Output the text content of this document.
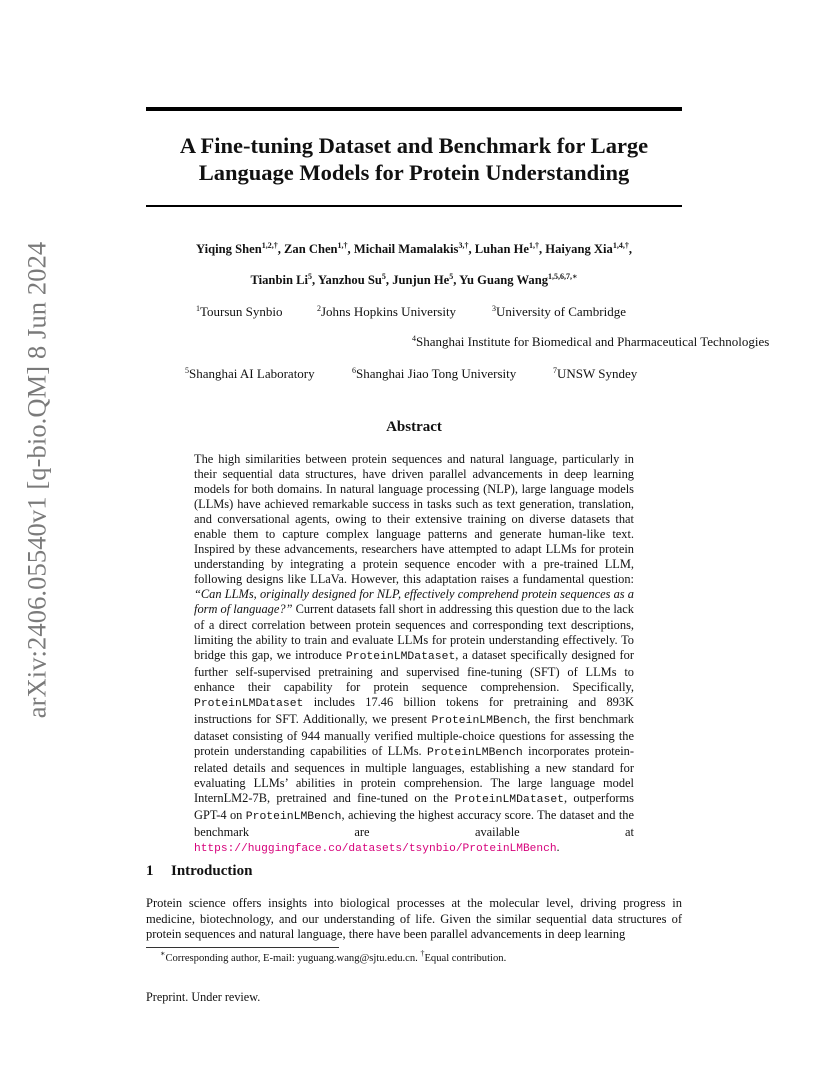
arXiv:2406.05540v1 [q-bio.QM] 8 Jun 2024
A Fine-tuning Dataset and Benchmark for Large
Language Models for Protein Understanding
Yiqing Shen$^{1,2,\dagger}$, Zan Chen$^{1,\dagger}$, Michail Mamalakis$^{3,\dagger}$, Luhan $He^{1,\dagger}$, Haiyang Xia$^{1,4,\dagger}$,
Tianbin Li$^5$, Yanzhou Su$^5$, Junjun He$^5$, Yu Guang Wang$^{1,5,6,7,∗}$
$^1$ Toursun Synbio	$^2$ Johns Hopkins University	$^3$ University of Cambridge
$^4$ Shanghai Institute for Biomedical and Pharmaceutical Technologies
$^5$ Shanghai AI Laboratory	$^6$ Shanghai Jiao Tong University	$^7$ UNSW Syndey
Abstract
The high similarities between protein sequences and natural language, particularly in their sequential data structures, have driven parallel advancements in deep learning models for both domains. In natural language processing (NLP), large language models (LLMs) have achieved remarkable success in tasks such as text generation, translation, and conversational agents, owing to their extensive training on diverse datasets that enable them to capture complex language patterns and generate human-like text. Inspired by these advancements, researchers have attempted to adapt LLMs for protein understanding by integrating a protein sequence encoder with a pre-trained LLM, following designs like LLaVa. However, this adaptation raises a fundamental question: “Can LLMs, originally designed for NLP, effectively comprehend protein sequences as a form of language?” Current datasets fall short in addressing this question due to the lack of a direct correlation between protein sequences and corresponding text descriptions, limiting the ability to train and evaluate LLMs for protein understanding effectively. To bridge this gap, we introduce ProteinLMDataset, a dataset specifically designed for further self-supervised pretraining and supervised fine-tuning (SFT) of LLMs to enhance their capability for protein sequence comprehension. Specifically, ProteinLMDataset includes 17.46 billion tokens for pretraining and 893K instructions for SFT. Additionally, we present ProteinLMBench, the first benchmark dataset consisting of 944 manually verified multiple-choice questions for assessing the protein understanding capabilities of LLMs. ProteinLMBench incorporates protein-related details and sequences in multiple languages, establishing a new standard for evaluating LLMs’ abilities in protein comprehension. The large language model InternLM2-7B, pretrained and fine-tuned on the ProteinLMDataset, outperforms GPT-4 on ProteinLMBench, achieving the highest accuracy score. The dataset and the benchmark are available at https://huggingface.co/datasets/tsynbio/ProteinLMBench.
1 Introduction
Protein science offers insights into biological processes at the molecular level, driving progress in medicine, biotechnology, and our understanding of life. Given the similar sequential data structures of protein sequences and natural language, there have been parallel advancements in deep learning
∗Corresponding author, E-mail: yuguang.wang@sjtu.edu.cn. †Equal contribution.
Preprint. Under review.
